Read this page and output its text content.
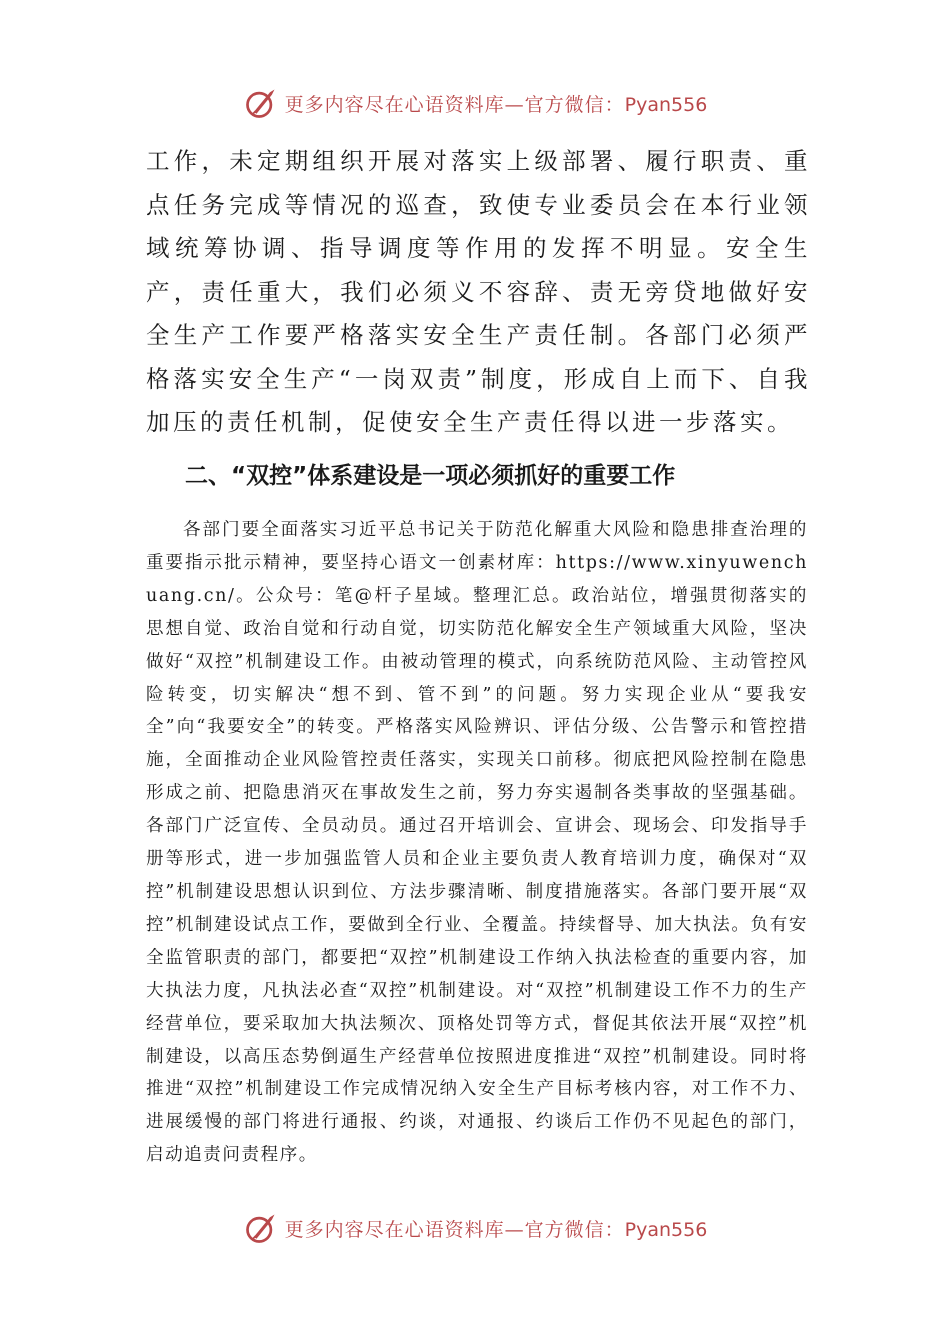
更多内容尽在心语资料库—官方微信：Pyan556

工作，未定期组织开展对落实上级部署、履行职责、重点任务完成等情况的巡查，致使专业委员会在本行业领域统筹协调、指导调度等作用的发挥不明显。安全生产，责任重大，我们必须义不容辞、责无旁贷地做好安全生产工作要严格落实安全生产责任制。各部门必须严格落实安全生产“一岗双责”制度，形成自上而下、自我加压的责任机制，促使安全生产责任得以进一步落实。

二、“双控”体系建设是一项必须抓好的重要工作

各部门要全面落实习近平总书记关于防范化解重大风险和隐患排查治理的重要指示批示精神，要坚持心语文一创素材库：https://www.xinyuwenchuang.cn/。公众号：笔@杆子星域。整理汇总。政治站位，增强贯彻落实的思想自觉、政治自觉和行动自觉，切实防范化解安全生产领域重大风险，坚决做好“双控”机制建设工作。由被动管理的模式，向系统防范风险、主动管控风险转变，切实解决“想不到、管不到”的问题。努力实现企业从“要我安全”向“我要安全”的转变。严格落实风险辨识、评估分级、公告警示和管控措施，全面推动企业风险管控责任落实，实现关口前移。彻底把风险控制在隐患形成之前、把隐患消灭在事故发生之前，努力夯实遏制各类事故的坚强基础。各部门广泛宣传、全员动员。通过召开培训会、宣讲会、现场会、印发指导手册等形式，进一步加强监管人员和企业主要负责人教育培训力度，确保对“双控”机制建设思想认识到位、方法步骤清晰、制度措施落实。各部门要开展“双控”机制建设试点工作，要做到全行业、全覆盖。持续督导、加大执法。负有安全监管职责的部门，都要把“双控”机制建设工作纳入执法检查的重要内容，加大执法力度，凡执法必查“双控”机制建设。对“双控”机制建设工作不力的生产经营单位，要采取加大执法频次、顶格处罚等方式，督促其依法开展“双控”机制建设，以高压态势倒逼生产经营单位按照进度推进“双控”机制建设。同时将推进“双控”机制建设工作完成情况纳入安全生产目标考核内容，对工作不力、进展缓慢的部门将进行通报、约谈，对通报、约谈后工作仍不见起色的部门，启动追责问责程序。

更多内容尽在心语资料库—官方微信：Pyan556
